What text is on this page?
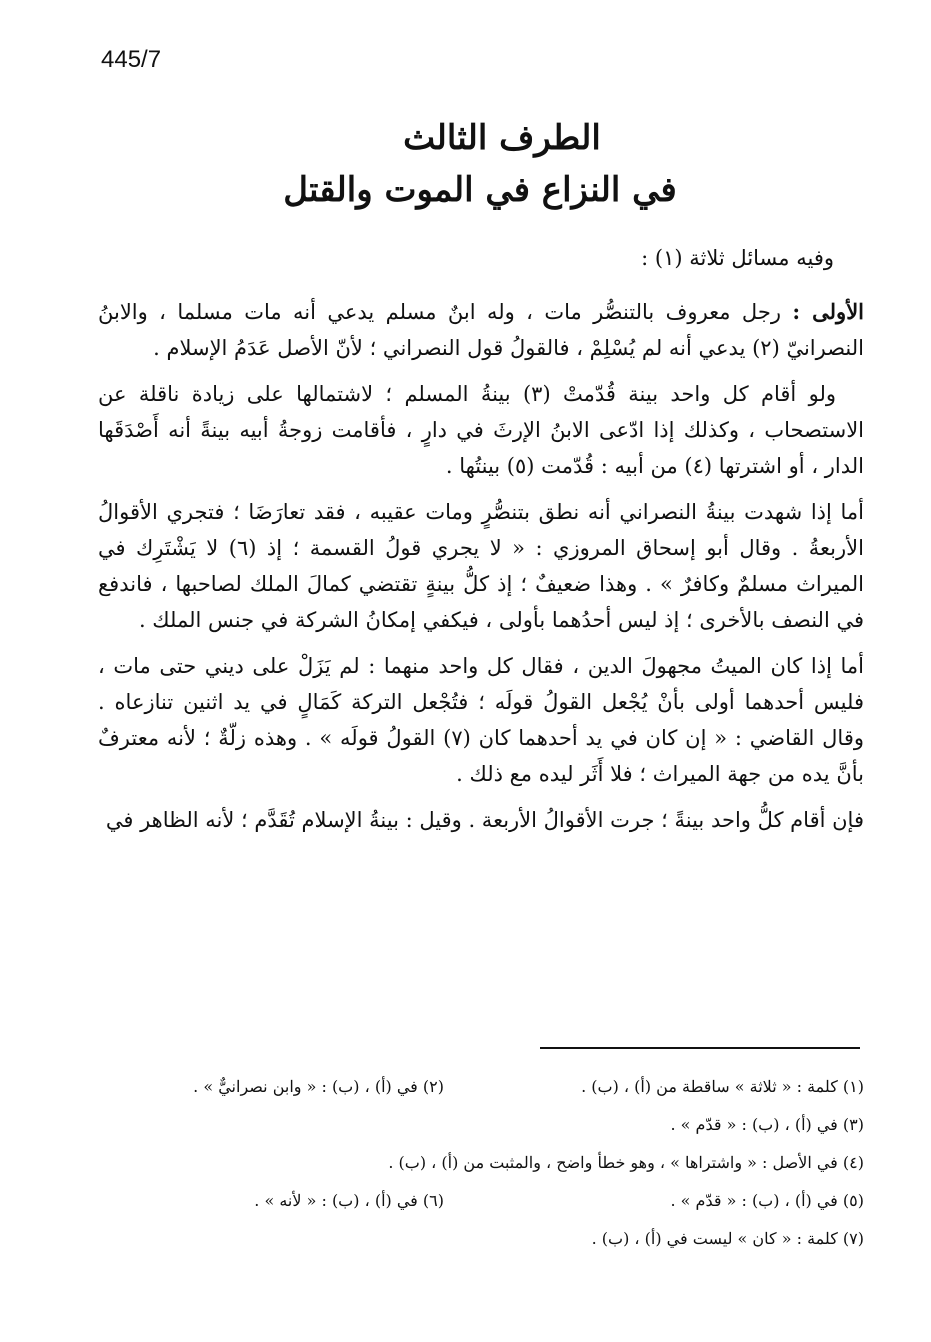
445/7
الطرف الثالث
في النزاع في الموت والقتل

وفيه مسائل ثلاثة (١) :

الأولى : رجل معروف بالتنصُّر مات ، وله ابنٌ مسلم يدعي أنه مات مسلما ، والابنُ النصرانيّ (٢) يدعي أنه لم يُسْلِمْ ، فالقولُ قول النصراني ؛ لأنّ الأصل عَدَمُ الإسلام .

ولو أقام كل واحد بينة قُدّمتْ (٣) بينةُ المسلم ؛ لاشتمالها على زيادة ناقلة عن الاستصحاب ، وكذلك إذا ادّعى الابنُ الإرثَ في دارٍ ، فأقامت زوجةُ أبيه بينةً أنه أَصْدَقَها الدار ، أو اشترتها (٤) من أبيه : قُدّمت (٥) بينتُها .

أما إذا شهدت بينةُ النصراني أنه نطق بتنصُّرٍ ومات عقيبه ، فقد تعارَضَا ؛ فتجري الأقوالُ الأربعةُ . وقال أبو إسحاق المروزي : « لا يجري قولُ القسمة ؛ إذ (٦) لا يَشْتَرِك في الميراث مسلمٌ وكافرٌ » . وهذا ضعيفٌ ؛ إذ كلُّ بينةٍ تقتضي كمالَ الملك لصاحبها ، فاندفع في النصف بالأخرى ؛ إذ ليس أحدُهما بأولى ، فيكفي إمكانُ الشركة في جنس الملك .

أما إذا كان الميتُ مجهولَ الدين ، فقال كل واحد منهما : لم يَزَلْ على ديني حتى مات ، فليس أحدهما أولى بأنْ يُجْعل القولُ قولَه ؛ فتُجْعل التركة كَمَالٍ في يد اثنين تنازعاه . وقال القاضي : « إن كان في يد أحدهما كان (٧) القولُ قولَه » . وهذه زلّةٌ ؛ لأنه معترفٌ بأنَّ يده من جهة الميراث ؛ فلا أَثَر ليده مع ذلك .

فإن أقام كلُّ واحد بينةً ؛ جرت الأقوالُ الأربعة . وقيل : بينةُ الإسلام تُقَدَّم ؛ لأنه الظاهر في

(١) كلمة : « ثلاثة » ساقطة من (أ) ، (ب) .
(٢) في (أ) ، (ب) : « وابن نصرانيٌّ » .
(٣) في (أ) ، (ب) : « قدّم » .
(٤) في الأصل : « واشتراها » ، وهو خطأ واضح ، والمثبت من (أ) ، (ب) .
(٥) في (أ) ، (ب) : « قدّم » .
(٦) في (أ) ، (ب) : « لأنه » .
(٧) كلمة : « كان » ليست في (أ) ، (ب) .
